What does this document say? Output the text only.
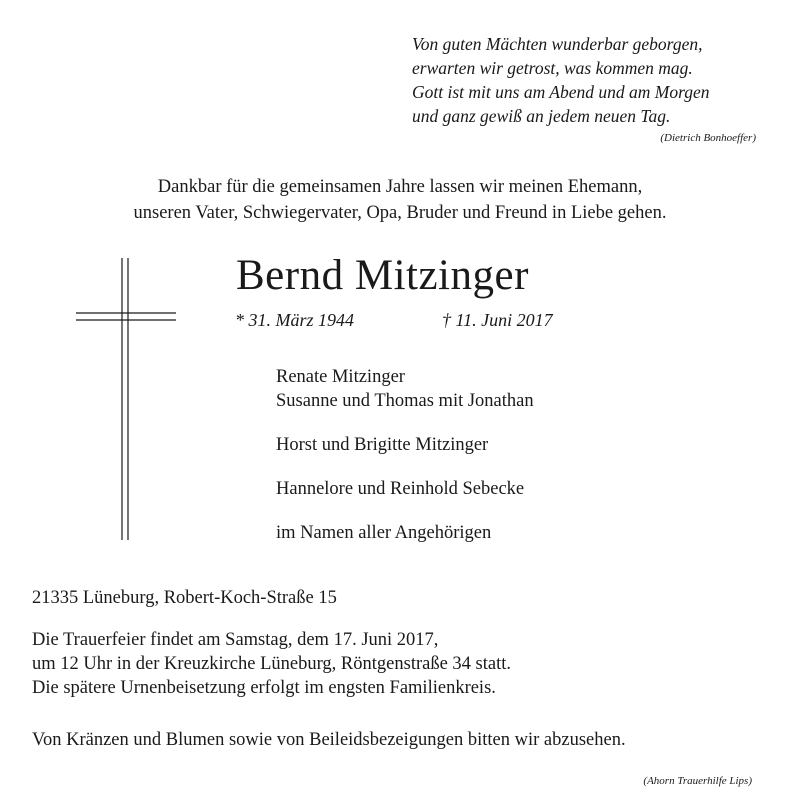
Von guten Mächten wunderbar geborgen,
erwarten wir getrost, was kommen mag.
Gott ist mit uns am Abend und am Morgen
und ganz gewiß an jedem neuen Tag.
(Dietrich Bonhoeffer)
Dankbar für die gemeinsamen Jahre lassen wir meinen Ehemann,
unseren Vater, Schwiegervater, Opa, Bruder und Freund in Liebe gehen.
Bernd Mitzinger
* 31. März 1944	† 11. Juni 2017
Renate Mitzinger
Susanne und Thomas mit Jonathan
Horst und Brigitte Mitzinger
Hannelore und Reinhold Sebecke
im Namen aller Angehörigen
21335 Lüneburg, Robert-Koch-Straße 15
Die Trauerfeier findet am Samstag, dem 17. Juni 2017,
um 12 Uhr in der Kreuzkirche Lüneburg, Röntgenstraße 34 statt.
Die spätere Urnenbeisetzung erfolgt im engsten Familienkreis.
Von Kränzen und Blumen sowie von Beileidsbezeigungen bitten wir abzusehen.
(Ahorn Trauerhilfe Lips)
